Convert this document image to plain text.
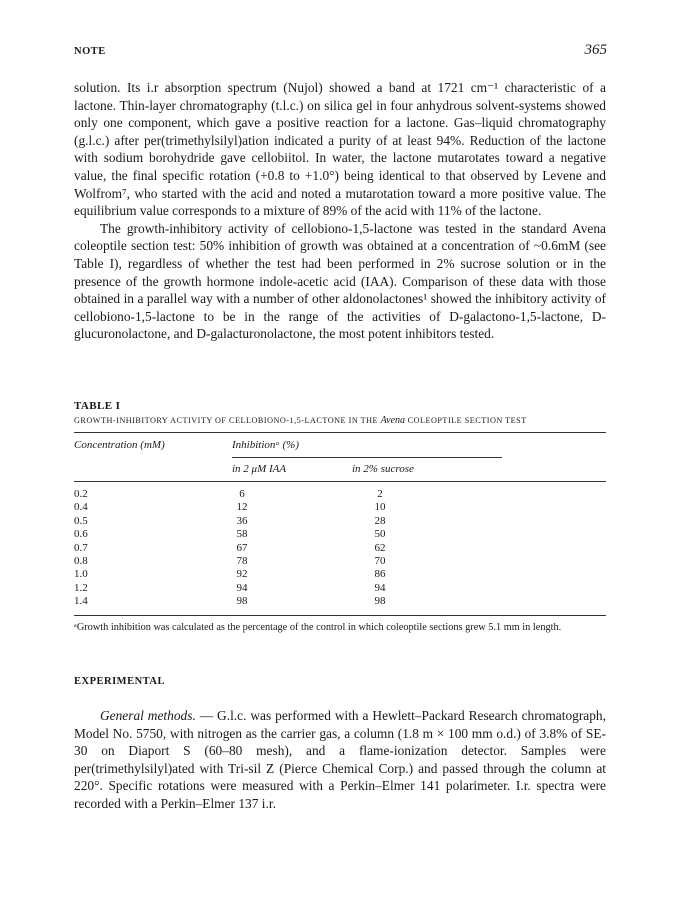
NOTE	365

solution. Its i.r absorption spectrum (Nujol) showed a band at 1721 cm⁻¹ characteristic of a lactone. Thin-layer chromatography (t.l.c.) on silica gel in four anhydrous solvent-systems showed only one component, which gave a positive reaction for a lactone. Gas–liquid chromatography (g.l.c.) after per(trimethylsilyl)ation indicated a purity of at least 94%. Reduction of the lactone with sodium borohydride gave cellobiitol. In water, the lactone mutarotates toward a negative value, the final specific rotation (+0.8 to +1.0°) being identical to that observed by Levene and Wolfrom⁷, who started with the acid and noted a mutarotation toward a more positive value. The equilibrium value corresponds to a mixture of 89% of the acid with 11% of the lactone.

The growth-inhibitory activity of cellobiono-1,5-lactone was tested in the standard Avena coleoptile section test: 50% inhibition of growth was obtained at a concentration of ~0.6mM (see Table I), regardless of whether the test had been performed in 2% sucrose solution or in the presence of the growth hormone indole-acetic acid (IAA). Comparison of these data with those obtained in a parallel way with a number of other aldonolactones¹ showed the inhibitory activity of cellobiono-1,5-lactone to be in the range of the activities of D-galactono-1,5-lactone, D-glucuronolactone, and D-galacturonolactone, the most potent inhibitors tested.

TABLE I
GROWTH-INHIBITORY ACTIVITY OF CELLOBIONO-1,5-LACTONE IN THE Avena COLEOPTILE SECTION TEST
Concentration (mM)	Inhibitionᵃ (%)
in 2 μM IAA	in 2% sucrose
0.2	6	2
0.4	12	10
0.5	36	28
0.6	58	50
0.7	67	62
0.8	78	70
1.0	92	86
1.2	94	94
1.4	98	98
ᵃGrowth inhibition was calculated as the percentage of the control in which coleoptile sections grew 5.1 mm in length.
EXPERIMENTAL

General methods. — G.l.c. was performed with a Hewlett–Packard Research chromatograph, Model No. 5750, with nitrogen as the carrier gas, a column (1.8 m × 100 mm o.d.) of 3.8% of SE-30 on Diaport S (60–80 mesh), and a flame-ionization detector. Samples were per(trimethylsilyl)ated with Tri-sil Z (Pierce Chemical Corp.) and passed through the column at 220°. Specific rotations were measured with a Perkin–Elmer 141 polarimeter. I.r. spectra were recorded with a Perkin–Elmer 137 i.r.
